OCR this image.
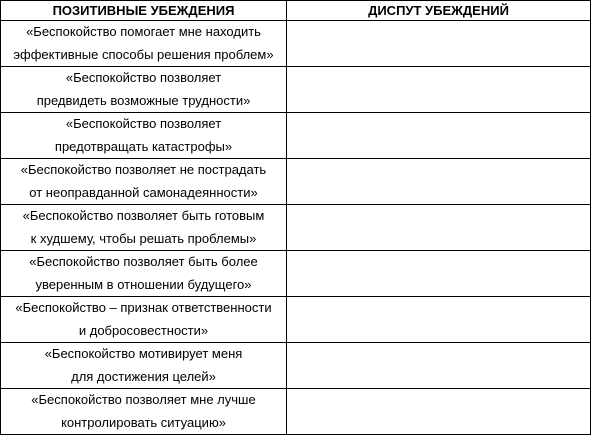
ПОЗИТИВНЫЕ УБЕЖДЕНИЯ	ДИСПУТ УБЕЖДЕНИЙ

«Беспокойство помогает мне находить
эффективные способы решения проблем»	

«Беспокойство позволяет
предвидеть возможные трудности»	

«Беспокойство позволяет
предотвращать катастрофы»	

«Беспокойство позволяет не пострадать
от неоправданной самонадеянности»	

«Беспокойство позволяет быть готовым
к худшему, чтобы решать проблемы»	

«Беспокойство позволяет быть более
уверенным в отношении будущего»	

«Беспокойство – признак ответственности
и добросовестности»	

«Беспокойство мотивирует меня
для достижения целей»	

«Беспокойство позволяет мне лучше
контролировать ситуацию»	
